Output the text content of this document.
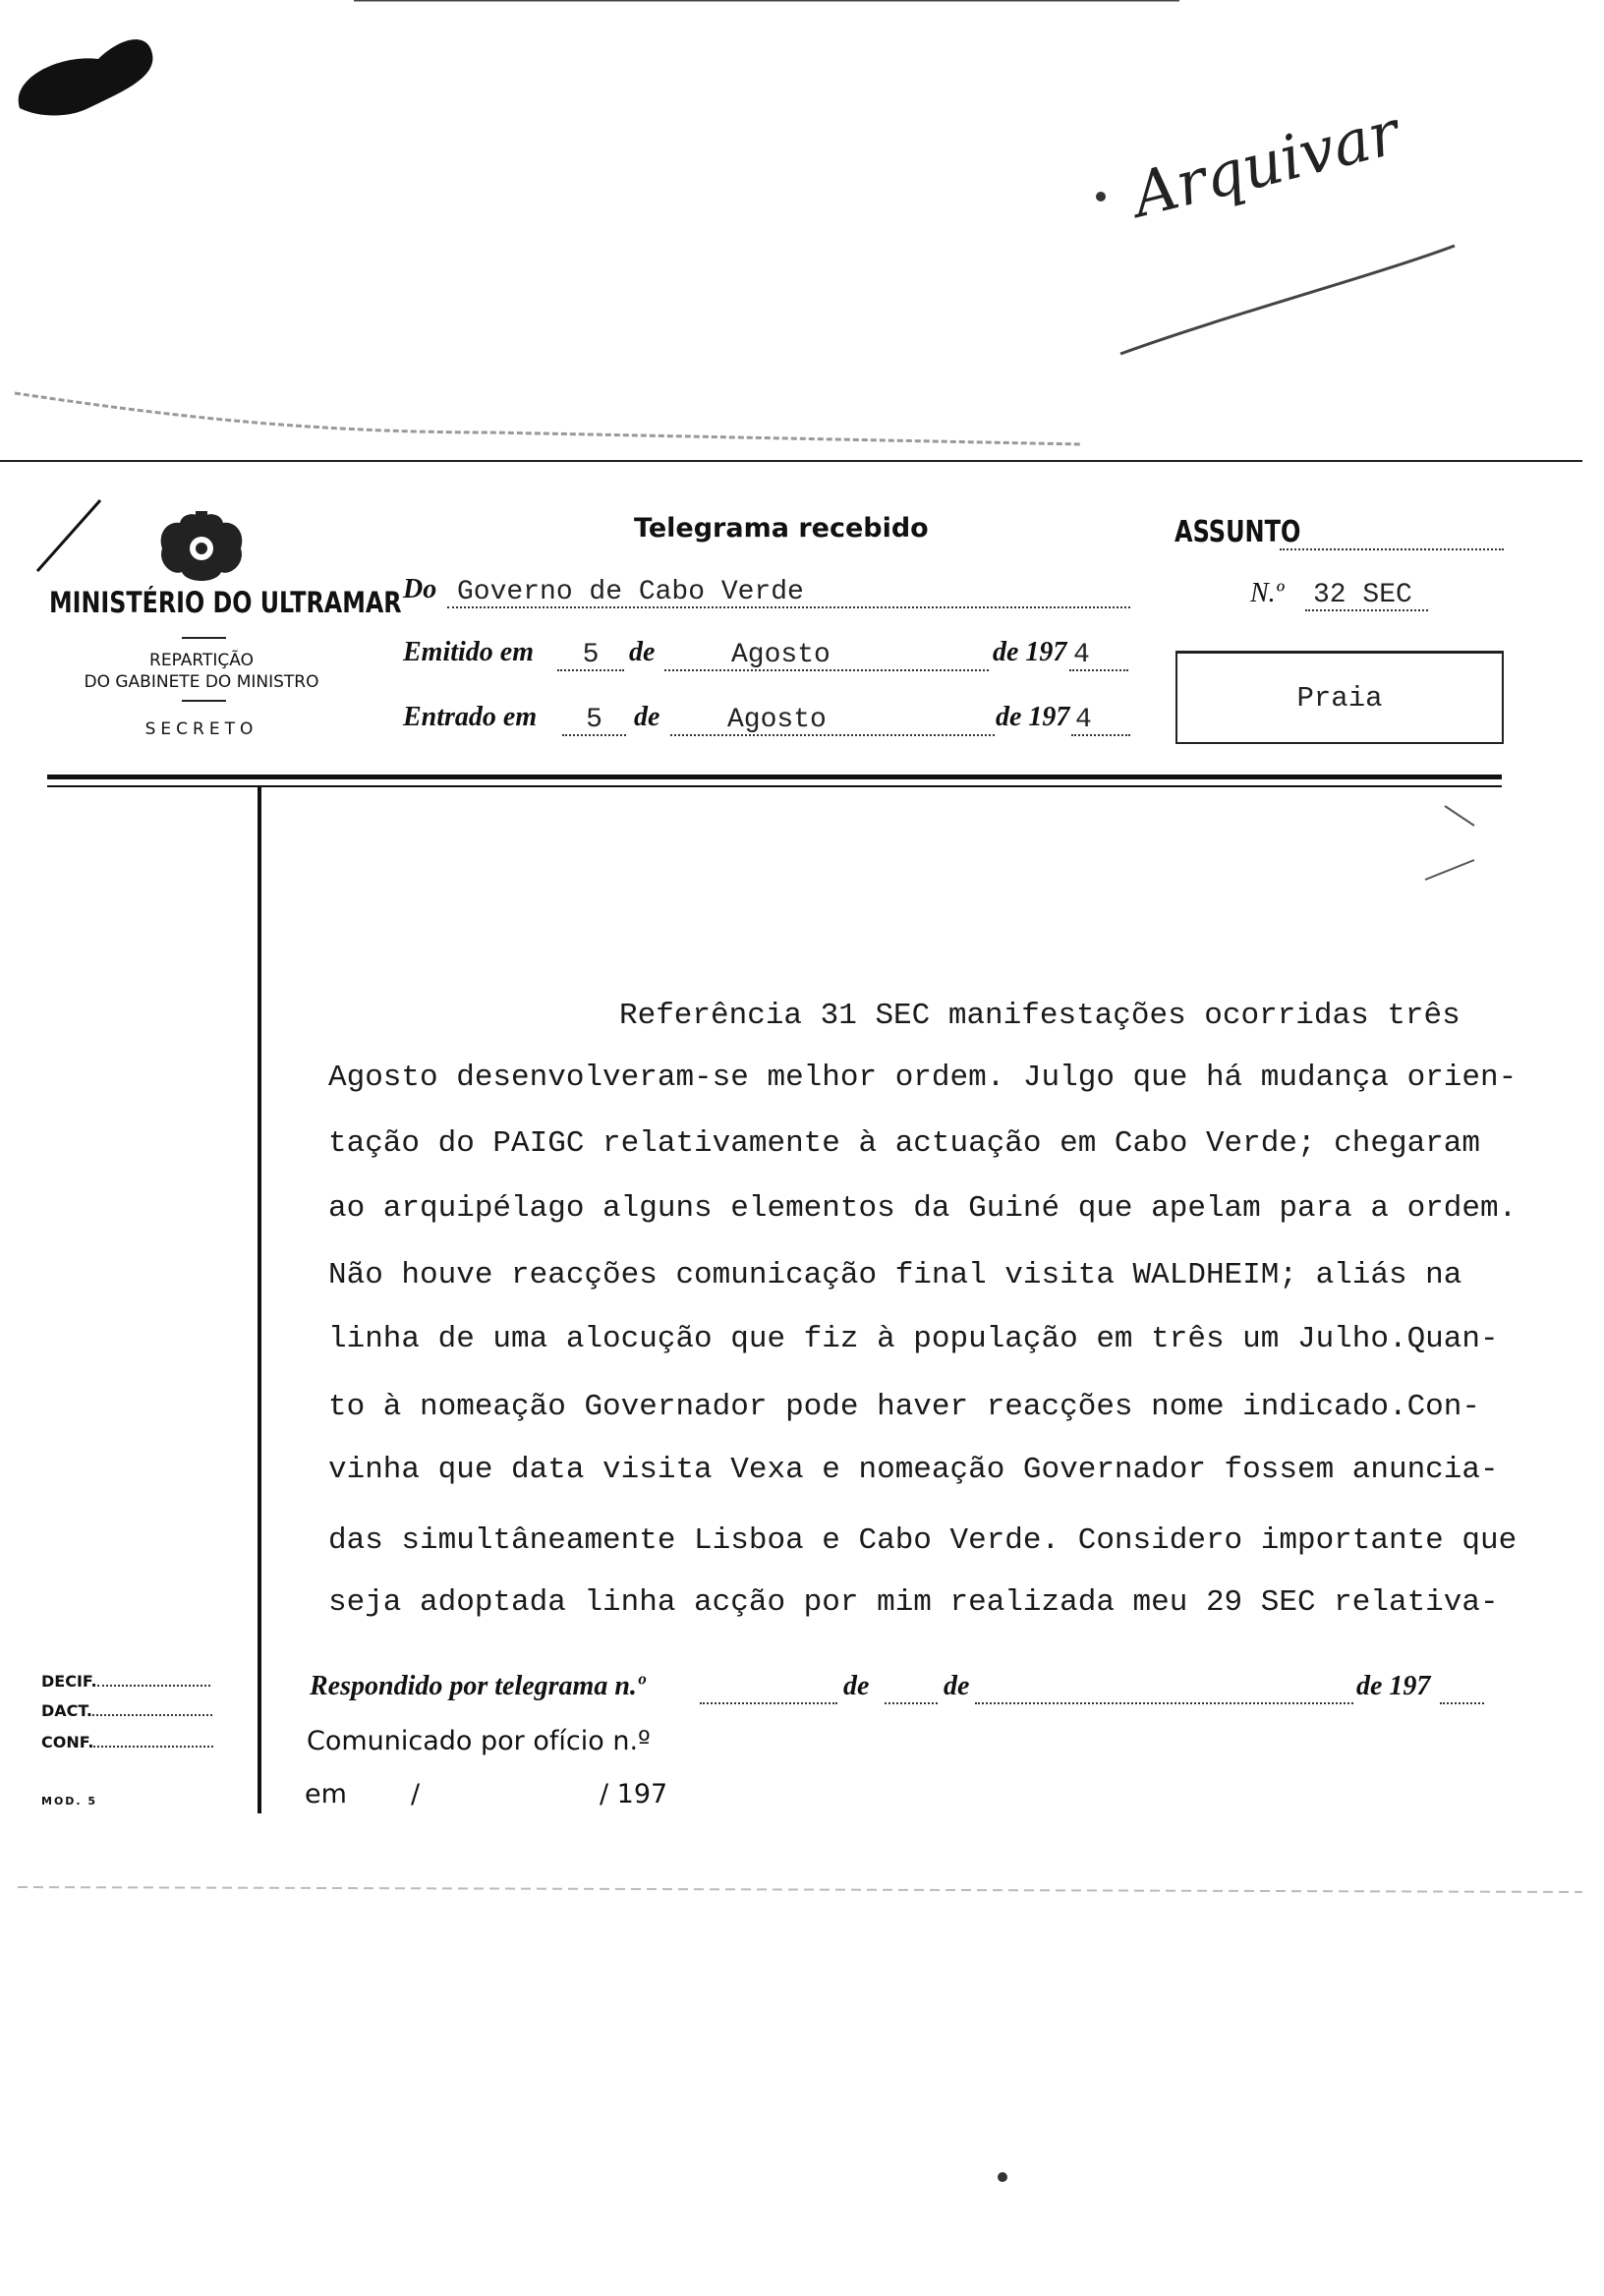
Arquivar
MINISTÉRIO DO ULTRAMAR
REPARTIÇÃO
DO GABINETE DO MINISTRO
SECRETO
Telegrama recebido
Do Governo de Cabo Verde
Emitido em	5	de	Agosto	de 197 4
Entrado em	5	de	Agosto	de 197 4
ASSUNTO
N.º 32 SEC
Praia
Referência 31 SEC manifestações ocorridas três
Agosto desenvolveram-se melhor ordem. Julgo que há mudança orien-
tação do PAIGC relativamente à actuação em Cabo Verde; chegaram
ao arquipélago alguns elementos da Guiné que apelam para a ordem.
Não houve reacções comunicação final visita WALDHEIM; aliás na
linha de uma alocução que fiz à população em três um Julho.Quan-
to à nomeação Governador pode haver reacções nome indicado.Con-
vinha que data visita Vexa e nomeação Governador fossem anuncia-
das simultâneamente Lisboa e Cabo Verde. Considero importante que
seja adoptada linha acção por mim realizada meu 29 SEC relativa-
DECIF.
DACT.
CONF.
MOD. 5
Respondido por telegrama n.º	de	de	de 197
Comunicado por ofício n.º
em /	/ 197
